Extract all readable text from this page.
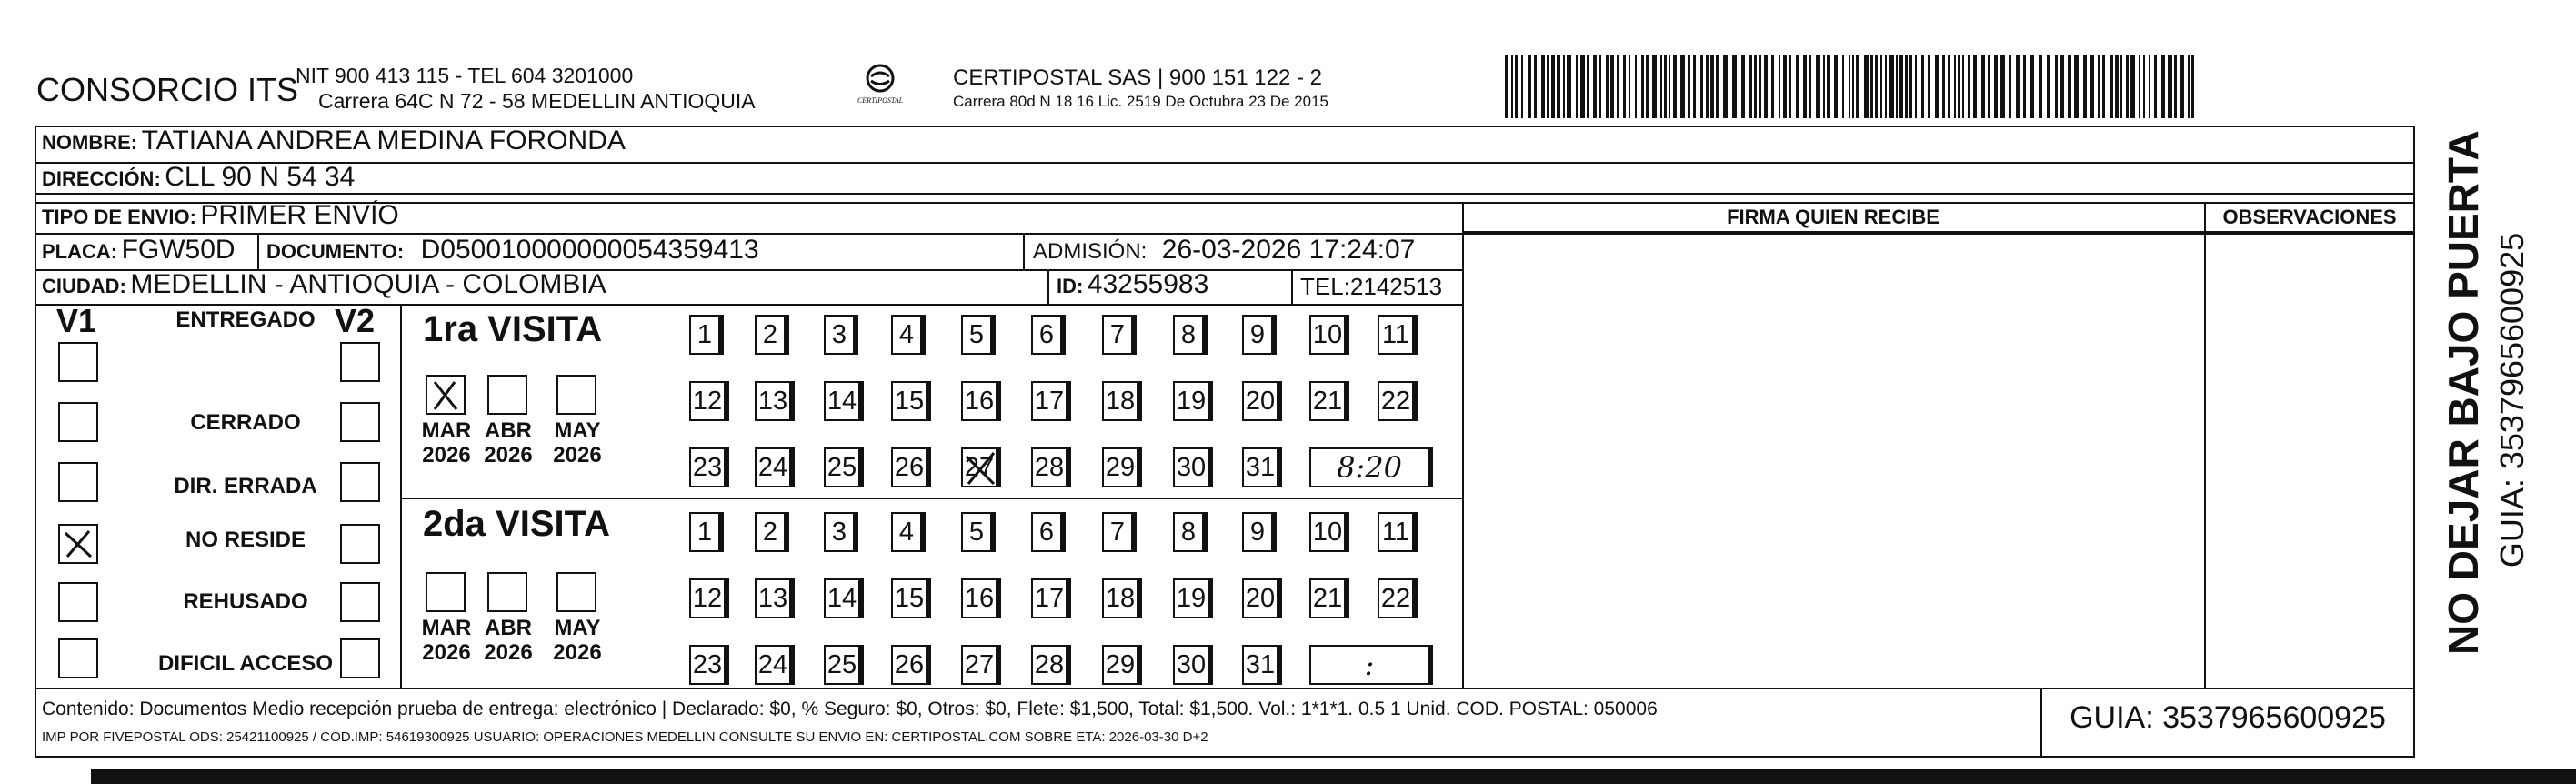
CONSORCIO ITS
NIT 900 413 115 - TEL 604 3201000
Carrera 64C N 72 - 58 MEDELLIN ANTIOQUIA	CERTIPOSTAL
CERTIPOSTAL SAS | 900 151 122 - 2
Carrera 80d N 18 16 Lic. 2519 De Octubra 23 De 2015
FIRMA QUIEN RECIBE	OBSERVACIONES
NOMBRE: TATIANA ANDREA MEDINA FORONDA
DIRECCIÓN: CLL 90 N 54 34
TIPO DE ENVIO: PRIMER ENVÍO
PLACA: FGW50D DOCUMENTO: D050010000000054359413	ADMISIÓN: 26-03-2026 17:24:07
CIUDAD: MEDELLIN - ANTIOQUIA - COLOMBIA	ID: 43255983	TEL:2142513
V1	V2
ENTREGADO
CERRADO
DIR. ERRADA
NO RESIDE
REHUSADO
DIFICIL ACCESO
1ra VISITA
2da VISITA
MAR
2026
ABR
2026
MAY
2026
1	2	3	4	5	6	7	8	9	10 11
12 13 14 15 16 17 18 19 20 21 22
23 24 25 26 27 28 29 30 31	8:20
MAR
2026
ABR
2026
MAY
2026
1	2	3	4	5	6	7	8	9	10 11
12 13 14 15 16 17 18 19 20 21 22
23 24 25 26 27 28 29 30 31	:
Contenido: Documentos Medio recepción prueba de entrega: electrónico | Declarado: $0, % Seguro: $0, Otros: $0, Flete: $1,500, Total: $1,500. Vol.: 1*1*1. 0.5 1 Unid. COD. POSTAL: 050006
IMP POR FIVEPOSTAL ODS: 25421100925 / COD.IMP: 54619300925 USUARIO: OPERACIONES MEDELLIN CONSULTE SU ENVIO EN: CERTIPOSTAL.COM SOBRE ETA: 2026-03-30 D+2
GUIA: 3537965600925
NO DEJAR BAJO PUERTA GUIA: 3537965600925
